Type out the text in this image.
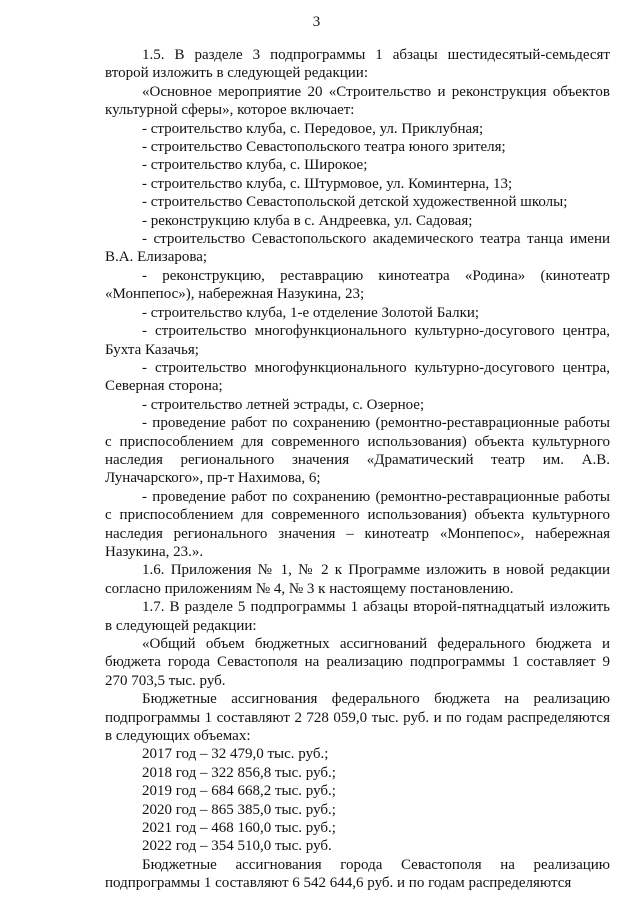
3

1.5. В разделе 3 подпрограммы 1 абзацы шестидесятый-семьдесят второй изложить в следующей редакции:

«Основное мероприятие 20 «Строительство и реконструкция объектов культурной сферы», которое включает:

- строительство клуба, с. Передовое, ул. Приклубная;

- строительство Севастопольского театра юного зрителя;

- строительство клуба, с. Широкое;

- строительство клуба, с. Штурмовое, ул. Коминтерна, 13;

- строительство Севастопольской детской художественной школы;

- реконструкцию клуба в с. Андреевка, ул. Садовая;

- строительство Севастопольского академического театра танца имени В.А. Елизарова;

- реконструкцию, реставрацию кинотеатра «Родина» (кинотеатр «Монпепос»), набережная Назукина, 23;

- строительство клуба, 1-е отделение Золотой Балки;

- строительство многофункционального культурно-досугового центра, Бухта Казачья;

- строительство многофункционального культурно-досугового центра, Северная сторона;

- строительство летней эстрады, с. Озерное;

- проведение работ по сохранению (ремонтно-реставрационные работы с приспособлением для современного использования) объекта культурного наследия регионального значения «Драматический театр им. А.В. Луначарского», пр-т Нахимова, 6;

- проведение работ по сохранению (ремонтно-реставрационные работы с приспособлением для современного использования) объекта культурного наследия регионального значения – кинотеатр «Монпепос», набережная Назукина, 23.».

1.6. Приложения № 1, № 2 к Программе изложить в новой редакции согласно приложениям № 4, № 3 к настоящему постановлению.

1.7. В разделе 5 подпрограммы 1 абзацы второй-пятнадцатый изложить в следующей редакции:

«Общий объем бюджетных ассигнований федерального бюджета и бюджета города Севастополя на реализацию подпрограммы 1 составляет 9 270 703,5 тыс. руб.

Бюджетные ассигнования федерального бюджета на реализацию подпрограммы 1 составляют 2 728 059,0 тыс. руб. и по годам распределяются в следующих объемах:

2017 год – 32 479,0 тыс. руб.;

2018 год – 322 856,8 тыс. руб.;

2019 год – 684 668,2 тыс. руб.;

2020 год – 865 385,0 тыс. руб.;

2021 год – 468 160,0 тыс. руб.;

2022 год – 354 510,0 тыс. руб.

Бюджетные ассигнования города Севастополя на реализацию подпрограммы 1 составляют 6 542 644,6 руб. и по годам распределяются
